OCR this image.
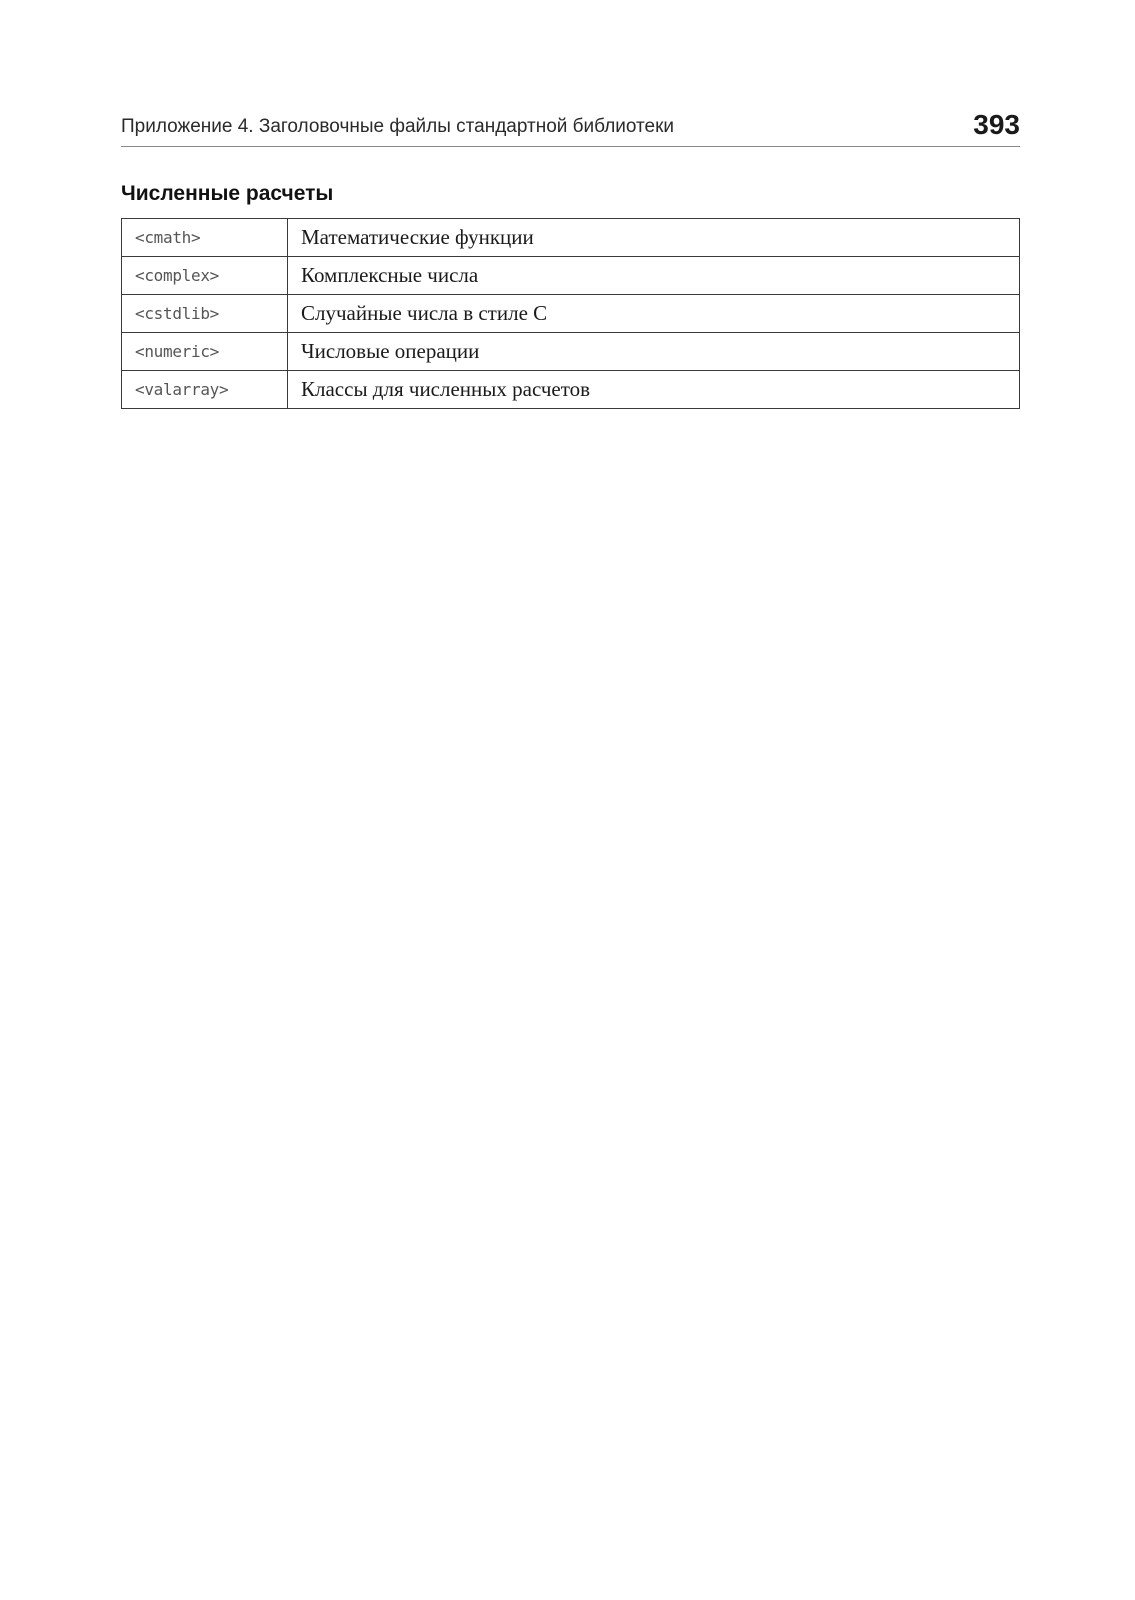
Приложение 4. Заголовочные файлы стандартной библиотеки	393
Численные расчеты
<cmath>	Математические функции
<complex>	Комплексные числа
<cstdlib>	Случайные числа в стиле C
<numeric>	Числовые операции
<valarray>	Классы для численных расчетов
